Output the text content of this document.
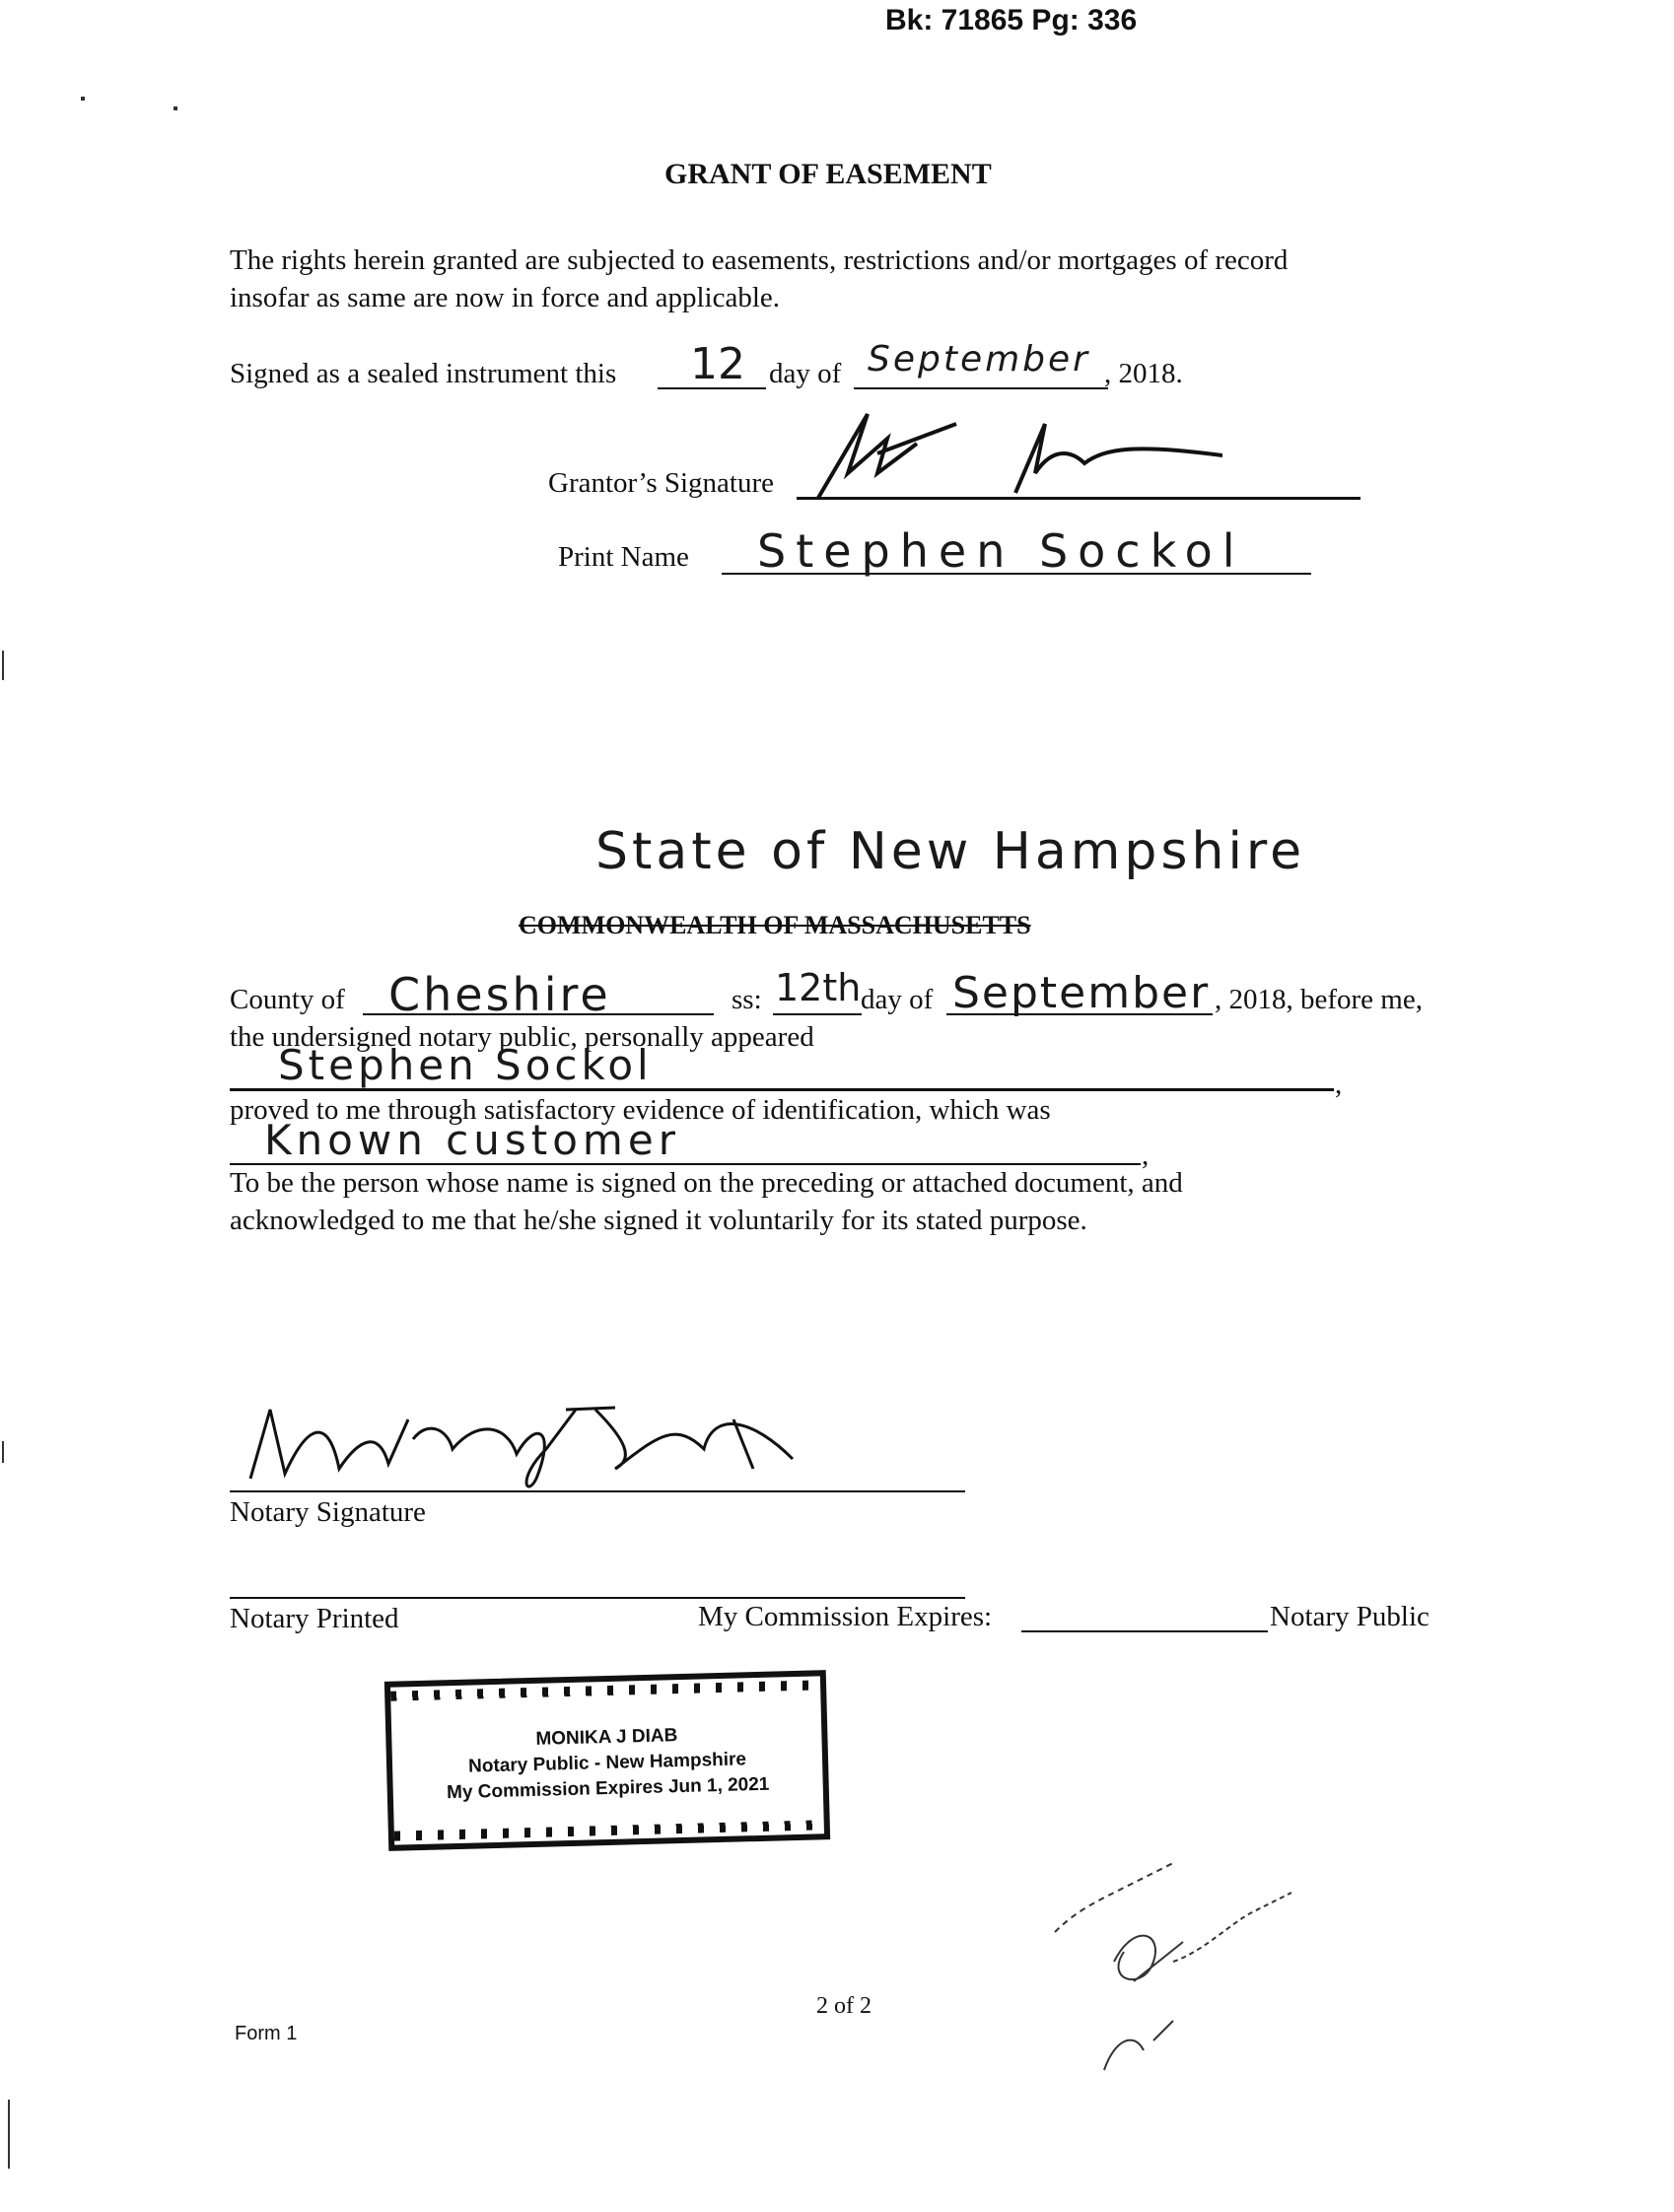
Bk: 71865 Pg: 336
GRANT OF EASEMENT
The rights herein granted are subjected to easements, restrictions and/or mortgages of record
insofar as same are now in force and applicable.
Signed as a sealed instrument this 12 day of September , 2018.
Grantor’s Signature
Print Name Stephen Sockol
State of New Hampshire
COMMONWEALTH OF MASSACHUSETTS
County of Cheshire	ss: 12th day of September , 2018, before me,
the undersigned notary public, personally appeared
Stephen Sockol	,
proved to me through satisfactory evidence of identification, which was
Known customer	,
To be the person whose name is signed on the preceding or attached document, and
acknowledged to me that he/she signed it voluntarily for its stated purpose.
Notary Signature
Notary Printed	My Commission Expires:	Notary Public
MONIKA J DIAB
Notary Public - New Hampshire
My Commission Expires Jun 1, 2021
2 of 2
Form 1
